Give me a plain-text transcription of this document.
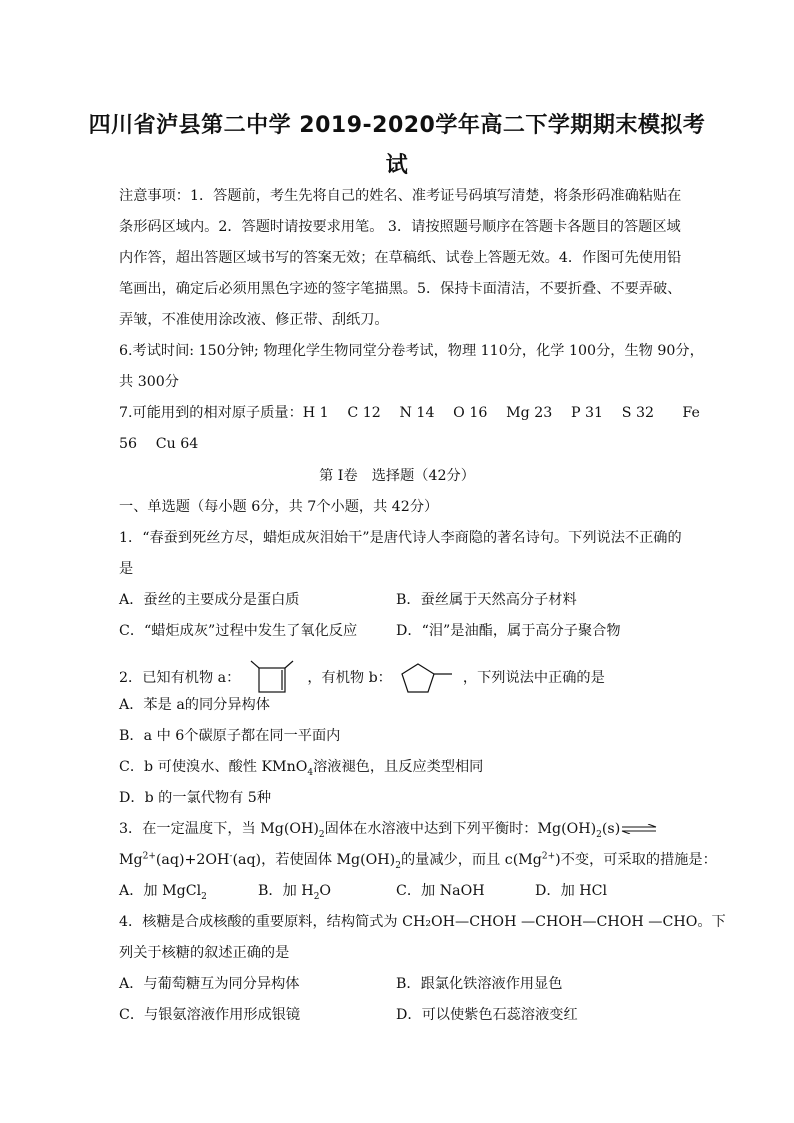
四川省泸县第二中学 2019-2020学年高二下学期期末模拟考
试
注意事项：1．答题前，考生先将自己的姓名、准考证号码填写清楚，将条形码准确粘贴在
条形码区域内。2．答题时请按要求用笔。 3．请按照题号顺序在答题卡各题目的答题区域
内作答，超出答题区域书写的答案无效；在草稿纸、试卷上答题无效。4．作图可先使用铅
笔画出，确定后必须用黑色字迹的签字笔描黑。5．保持卡面清洁，不要折叠、不要弄破、
弄皱，不准使用涂改液、修正带、刮纸刀。
6.考试时间: 150分钟; 物理化学生物同堂分卷考试，物理 110分，化学 100分，生物 90分，
共 300分
7.可能用到的相对原子质量：H 1　 C 12　 N 14　 O 16　 Mg 23　 P 31　 S 32　　Fe
56　 Cu 64
第 I卷　选择题（42分）
一、单选题（每小题 6分，共 7个小题，共 42分）
1．“春蚕到死丝方尽，蜡炬成灰泪始干”是唐代诗人李商隐的著名诗句。下列说法不正确的
是
A．蚕丝的主要成分是蛋白质	B．蚕丝属于天然高分子材料
C．“蜡炬成灰”过程中发生了氧化反应	D．“泪”是油酯，属于高分子聚合物
2．已知有机物 a：	，有机物 b：	，下列说法中正确的是
A．苯是 a的同分异构体
B．a 中 6个碳原子都在同一平面内
C．b 可使溴水、酸性 KMnO$_4$溶液褪色，且反应类型相同
D．b 的一氯代物有 5种
3．在一定温度下，当 $Mg(OH)_2$固体在水溶液中达到下列平衡时：$Mg(OH)_2(s)\rightleftharpoons$
$Mg^{2+}(aq)+2OH^-(aq)$，若使固体 $Mg(OH)_2$的量减少，而且 $c(Mg^{2+})$不变，可采取的措施是：
A．加 MgCl$_2$	B．加 $H_2O$	C．加 NaOH	D．加 HCl
4．核糖是合成核酸的重要原料，结构简式为 CH₂OH—CHOH —CHOH—CHOH —CHO。下
列关于核糖的叙述正确的是
A．与葡萄糖互为同分异构体	B．跟氯化铁溶液作用显色
C．与银氨溶液作用形成银镜	D．可以使紫色石蕊溶液变红
